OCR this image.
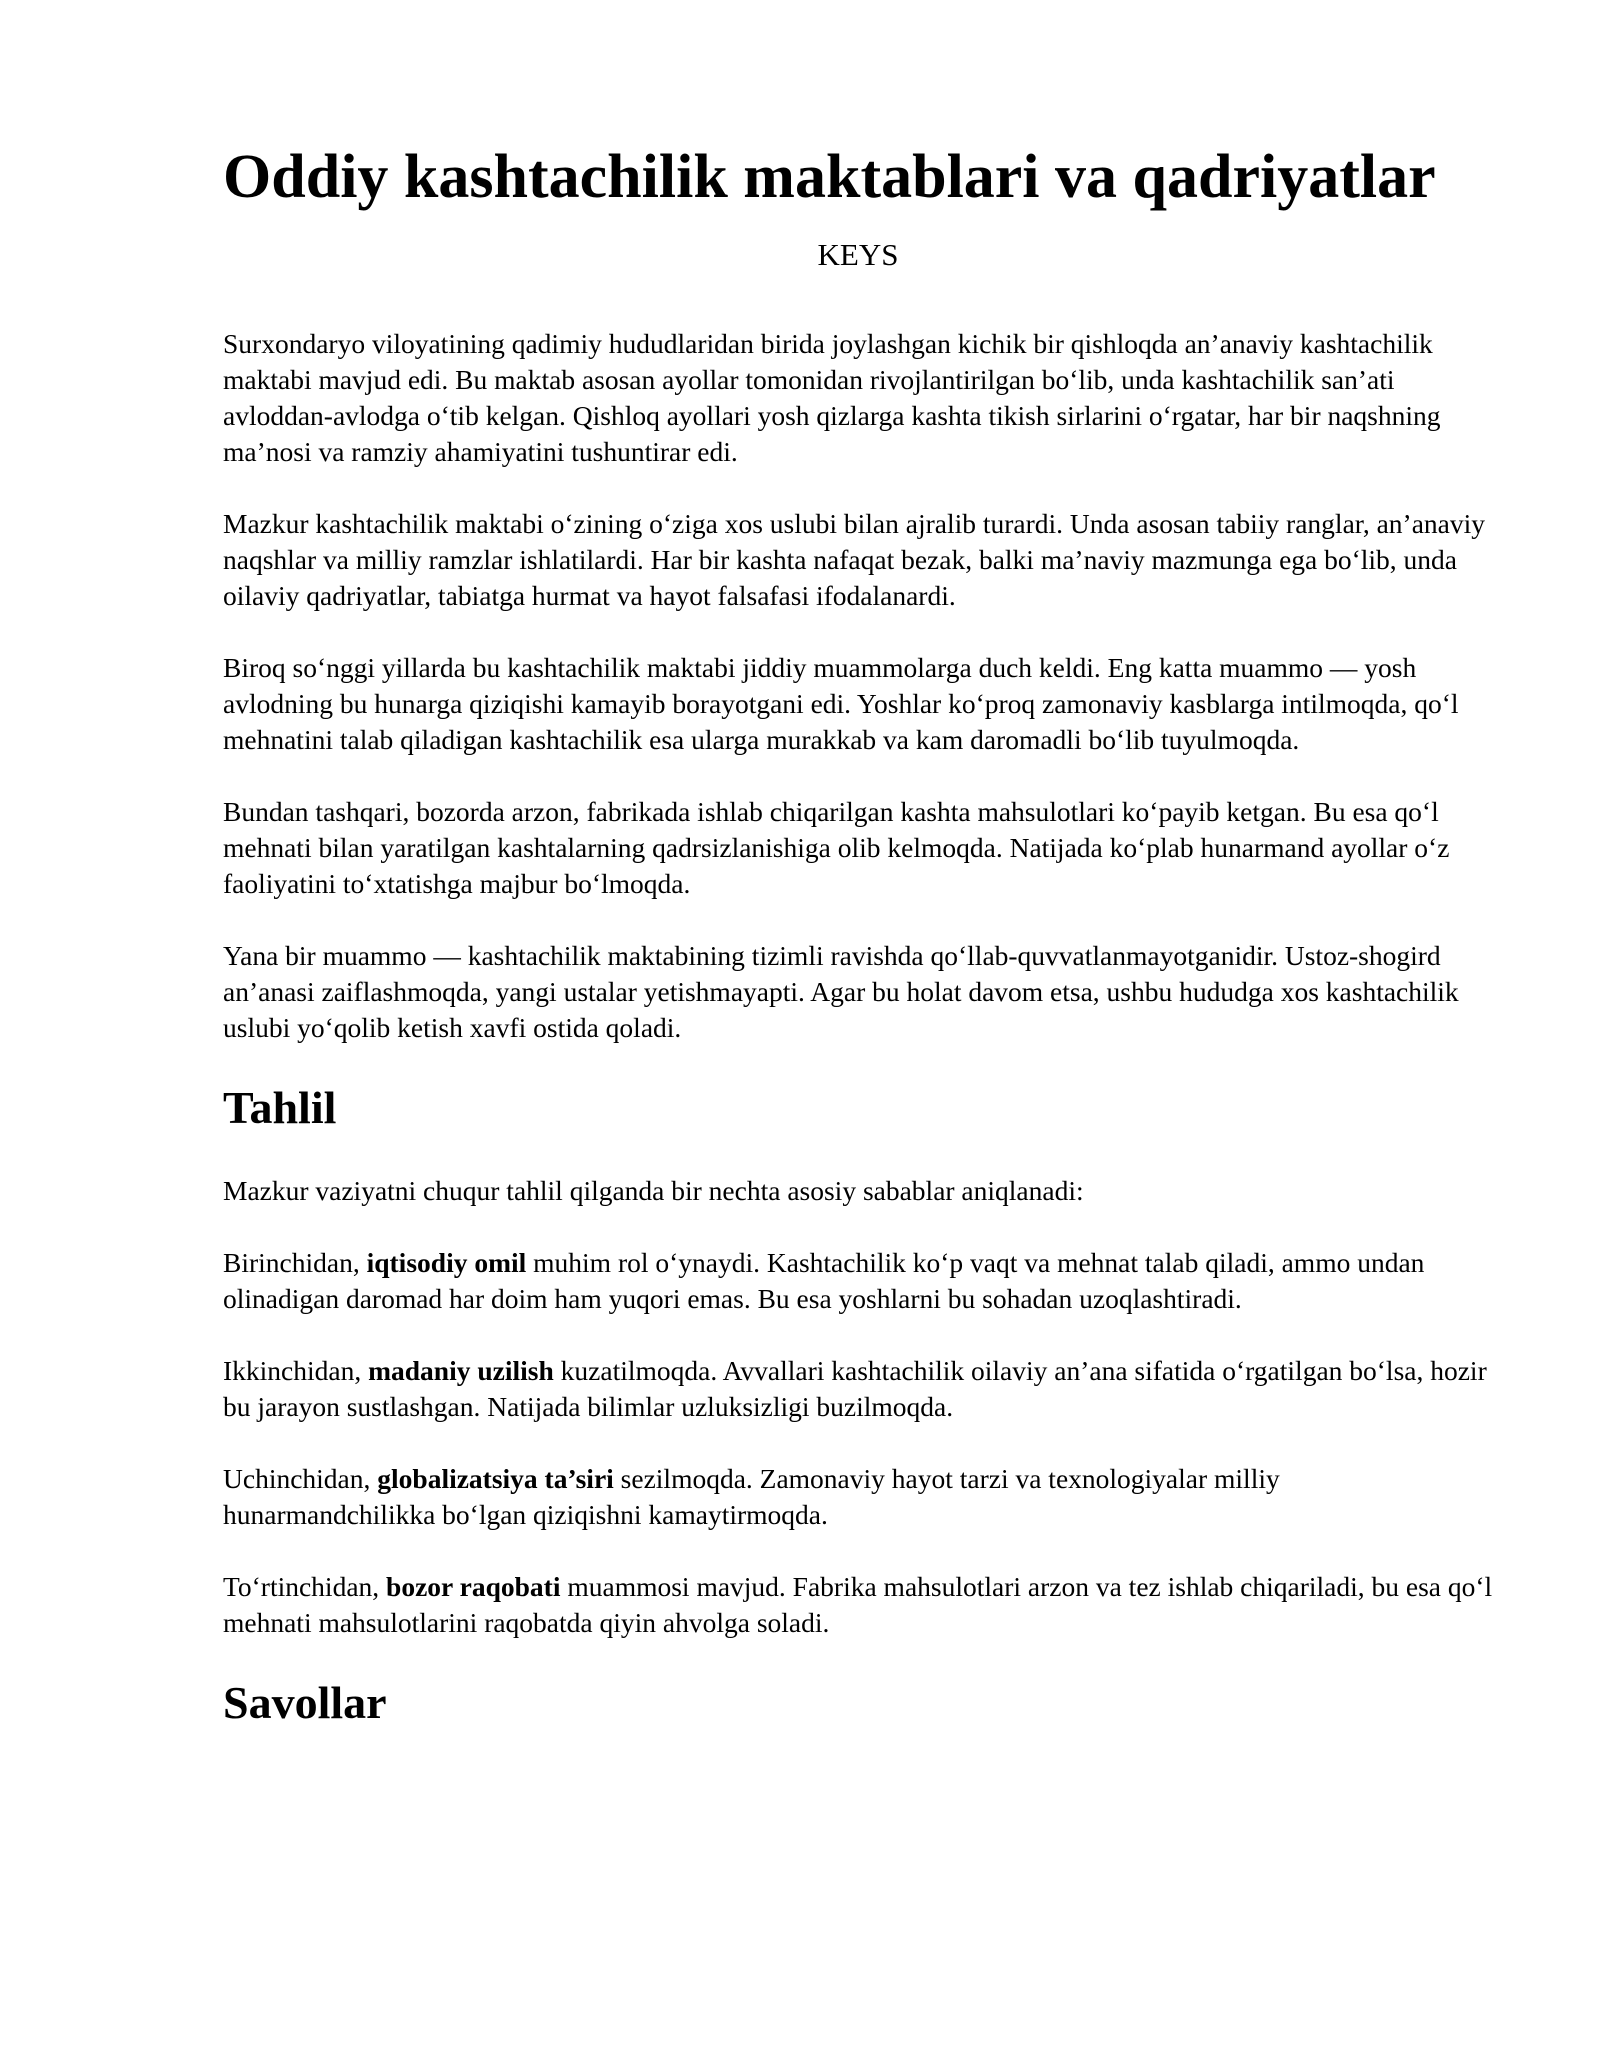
Oddiy kashtachilik maktablari va qadriyatlar
KEYS

Surxondaryo viloyatining qadimiy hududlaridan birida joylashgan kichik bir qishloqda an’anaviy kashtachilik maktabi mavjud edi. Bu maktab asosan ayollar tomonidan rivojlantirilgan bo‘lib, unda kashtachilik san’ati avloddan-avlodga o‘tib kelgan. Qishloq ayollari yosh qizlarga kashta tikish sirlarini o‘rgatar, har bir naqshning ma’nosi va ramziy ahamiyatini tushuntirar edi.

Mazkur kashtachilik maktabi o‘zining o‘ziga xos uslubi bilan ajralib turardi. Unda asosan tabiiy ranglar, an’anaviy naqshlar va milliy ramzlar ishlatilardi. Har bir kashta nafaqat bezak, balki ma’naviy mazmunga ega bo‘lib, unda oilaviy qadriyatlar, tabiatga hurmat va hayot falsafasi ifodalanardi.

Biroq so‘nggi yillarda bu kashtachilik maktabi jiddiy muammolarga duch keldi. Eng katta muammo — yosh avlodning bu hunarga qiziqishi kamayib borayotgani edi. Yoshlar ko‘proq zamonaviy kasblarga intilmoqda, qo‘l mehnatini talab qiladigan kashtachilik esa ularga murakkab va kam daromadli bo‘lib tuyulmoqda.

Bundan tashqari, bozorda arzon, fabrikada ishlab chiqarilgan kashta mahsulotlari ko‘payib ketgan. Bu esa qo‘l mehnati bilan yaratilgan kashtalarning qadrsizlanishiga olib kelmoqda. Natijada ko‘plab hunarmand ayollar o‘z faoliyatini to‘xtatishga majbur bo‘lmoqda.

Yana bir muammo — kashtachilik maktabining tizimli ravishda qo‘llab-quvvatlanmayotganidir. Ustoz-shogird an’anasi zaiflashmoqda, yangi ustalar yetishmayapti. Agar bu holat davom etsa, ushbu hududga xos kashtachilik uslubi yo‘qolib ketish xavfi ostida qoladi.

Tahlil

Mazkur vaziyatni chuqur tahlil qilganda bir nechta asosiy sabablar aniqlanadi:

Birinchidan, iqtisodiy omil muhim rol o‘ynaydi. Kashtachilik ko‘p vaqt va mehnat talab qiladi, ammo undan olinadigan daromad har doim ham yuqori emas. Bu esa yoshlarni bu sohadan uzoqlashtiradi.

Ikkinchidan, madaniy uzilish kuzatilmoqda. Avvallari kashtachilik oilaviy an’ana sifatida o‘rgatilgan bo‘lsa, hozir bu jarayon sustlashgan. Natijada bilimlar uzluksizligi buzilmoqda.

Uchinchidan, globalizatsiya ta’siri sezilmoqda. Zamonaviy hayot tarzi va texnologiyalar milliy hunarmandchilikka bo‘lgan qiziqishni kamaytirmoqda.

To‘rtinchidan, bozor raqobati muammosi mavjud. Fabrika mahsulotlari arzon va tez ishlab chiqariladi, bu esa qo‘l mehnati mahsulotlarini raqobatda qiyin ahvolga soladi.

Savollar
